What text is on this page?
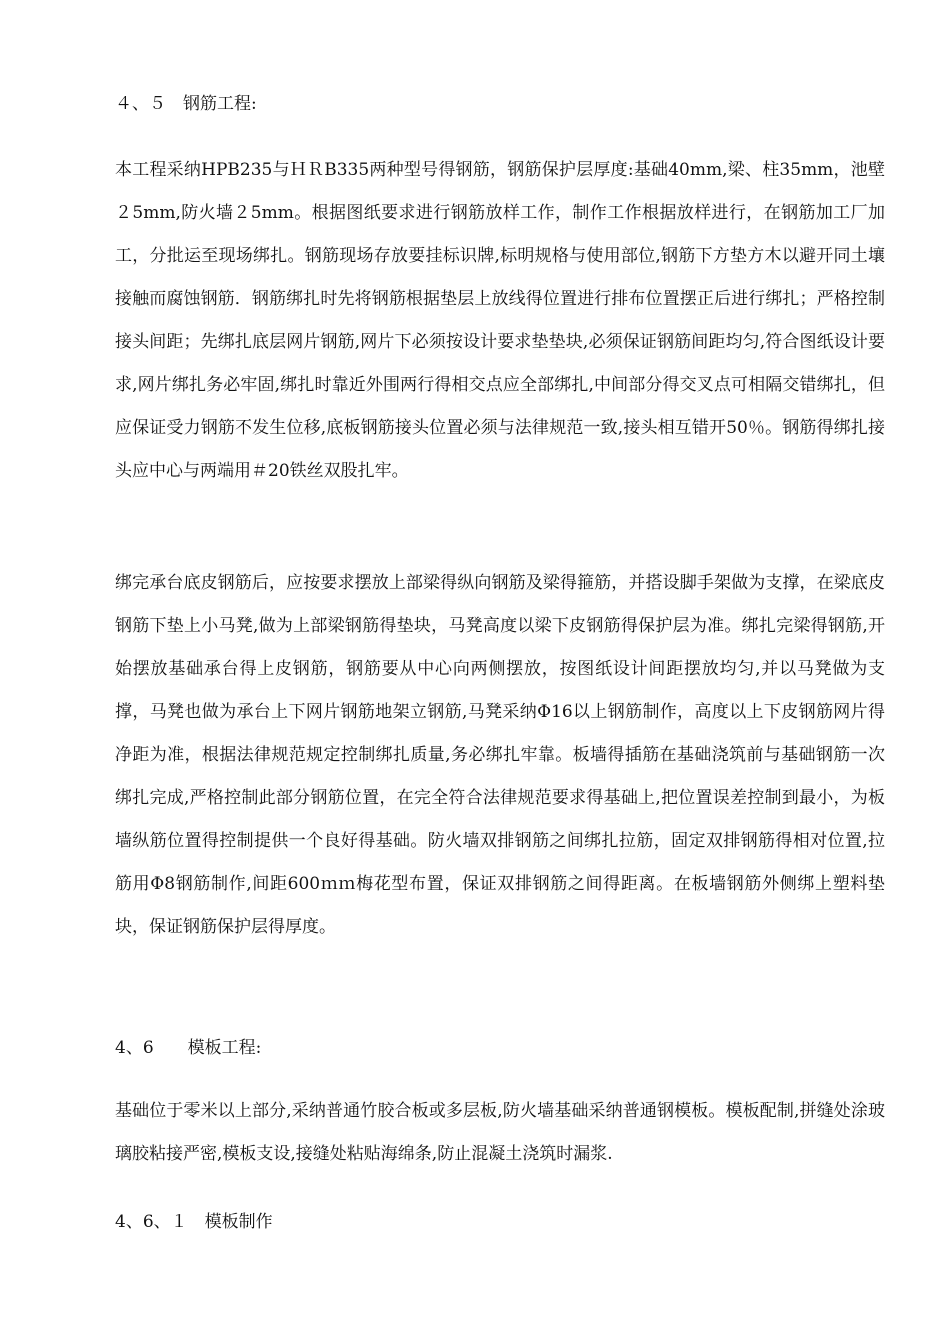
４、５　钢筋工程:
本工程采纳HPB235与ＨＲB335两种型号得钢筋，钢筋保护层厚度:基础40mm,梁、柱35mm，池壁２5mm,防火墙２5mm。根据图纸要求进行钢筋放样工作，制作工作根据放样进行，在钢筋加工厂加工，分批运至现场绑扎。钢筋现场存放要挂标识牌,标明规格与使用部位,钢筋下方垫方木以避开同土壤接触而腐蚀钢筋．钢筋绑扎时先将钢筋根据垫层上放线得位置进行排布位置摆正后进行绑扎；严格控制接头间距；先绑扎底层网片钢筋,网片下必须按设计要求垫垫块,必须保证钢筋间距均匀,符合图纸设计要求,网片绑扎务必牢固,绑扎时靠近外围两行得相交点应全部绑扎,中间部分得交叉点可相隔交错绑扎，但应保证受力钢筋不发生位移,底板钢筋接头位置必须与法律规范一致,接头相互错开50％。钢筋得绑扎接头应中心与两端用＃20铁丝双股扎牢。
绑完承台底皮钢筋后，应按要求摆放上部梁得纵向钢筋及梁得箍筋，并搭设脚手架做为支撑，在梁底皮钢筋下垫上小马凳,做为上部梁钢筋得垫块，马凳高度以梁下皮钢筋得保护层为准。绑扎完梁得钢筋,开始摆放基础承台得上皮钢筋，钢筋要从中心向两侧摆放，按图纸设计间距摆放均匀,并以马凳做为支撑，马凳也做为承台上下网片钢筋地架立钢筋,马凳采纳Φ16以上钢筋制作，高度以上下皮钢筋网片得净距为准，根据法律规范规定控制绑扎质量,务必绑扎牢靠。板墙得插筋在基础浇筑前与基础钢筋一次绑扎完成,严格控制此部分钢筋位置，在完全符合法律规范要求得基础上,把位置误差控制到最小，为板墙纵筋位置得控制提供一个良好得基础。防火墙双排钢筋之间绑扎拉筋，固定双排钢筋得相对位置,拉筋用Φ8钢筋制作,间距600ｍｍ梅花型布置，保证双排钢筋之间得距离。在板墙钢筋外侧绑上塑料垫块，保证钢筋保护层得厚度。
4、6　　模板工程:
基础位于零米以上部分,采纳普通竹胶合板或多层板,防火墙基础采纳普通钢模板。模板配制,拼缝处涂玻璃胶粘接严密,模板支设,接缝处粘贴海绵条,防止混凝土浇筑时漏浆.
4、6、１　模板制作
